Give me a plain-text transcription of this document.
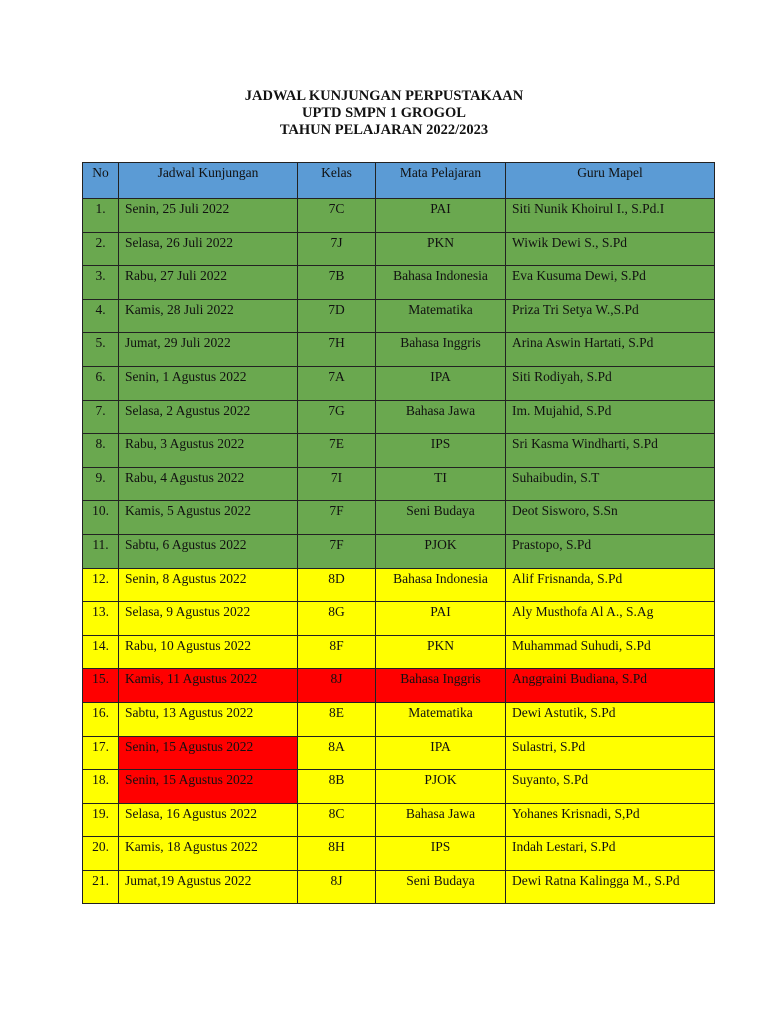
JADWAL KUNJUNGAN PERPUSTAKAAN
UPTD SMPN 1 GROGOL
TAHUN PELAJARAN 2022/2023
No	Jadwal Kunjungan	Kelas	Mata Pelajaran	Guru Mapel
1.	Senin, 25 Juli 2022	7C	PAI	Siti Nunik Khoirul I., S.Pd.I
2.	Selasa, 26 Juli 2022	7J	PKN	Wiwik Dewi S., S.Pd
3.	Rabu, 27 Juli 2022	7B	Bahasa Indonesia	Eva Kusuma Dewi, S.Pd
4.	Kamis, 28 Juli 2022	7D	Matematika	Priza Tri Setya W.,S.Pd
5.	Jumat, 29 Juli 2022	7H	Bahasa Inggris	Arina Aswin Hartati, S.Pd
6.	Senin, 1 Agustus 2022	7A	IPA	Siti Rodiyah, S.Pd
7.	Selasa, 2 Agustus 2022	7G	Bahasa Jawa	Im. Mujahid, S.Pd
8.	Rabu, 3 Agustus 2022	7E	IPS	Sri Kasma Windharti, S.Pd
9.	Rabu, 4 Agustus 2022	7I	TI	Suhaibudin, S.T
10.	Kamis, 5 Agustus 2022	7F	Seni Budaya	Deot Sisworo, S.Sn
11.	Sabtu, 6 Agustus 2022	7F	PJOK	Prastopo, S.Pd
12.	Senin, 8 Agustus 2022	8D	Bahasa Indonesia	Alif Frisnanda, S.Pd
13.	Selasa, 9 Agustus 2022	8G	PAI	Aly Musthofa Al A., S.Ag
14.	Rabu, 10 Agustus 2022	8F	PKN	Muhammad Suhudi, S.Pd
15.	Kamis, 11 Agustus 2022	8J	Bahasa Inggris	Anggraini Budiana, S.Pd
16.	Sabtu, 13 Agustus 2022	8E	Matematika	Dewi Astutik, S.Pd
17.	Senin, 15 Agustus 2022	8A	IPA	Sulastri, S.Pd
18.	Senin, 15 Agustus 2022	8B	PJOK	Suyanto, S.Pd
19.	Selasa, 16 Agustus 2022	8C	Bahasa Jawa	Yohanes Krisnadi, S,Pd
20.	Kamis, 18 Agustus 2022	8H	IPS	Indah Lestari, S.Pd
21.	Jumat,19 Agustus 2022	8J	Seni Budaya	Dewi Ratna Kalingga M., S.Pd
